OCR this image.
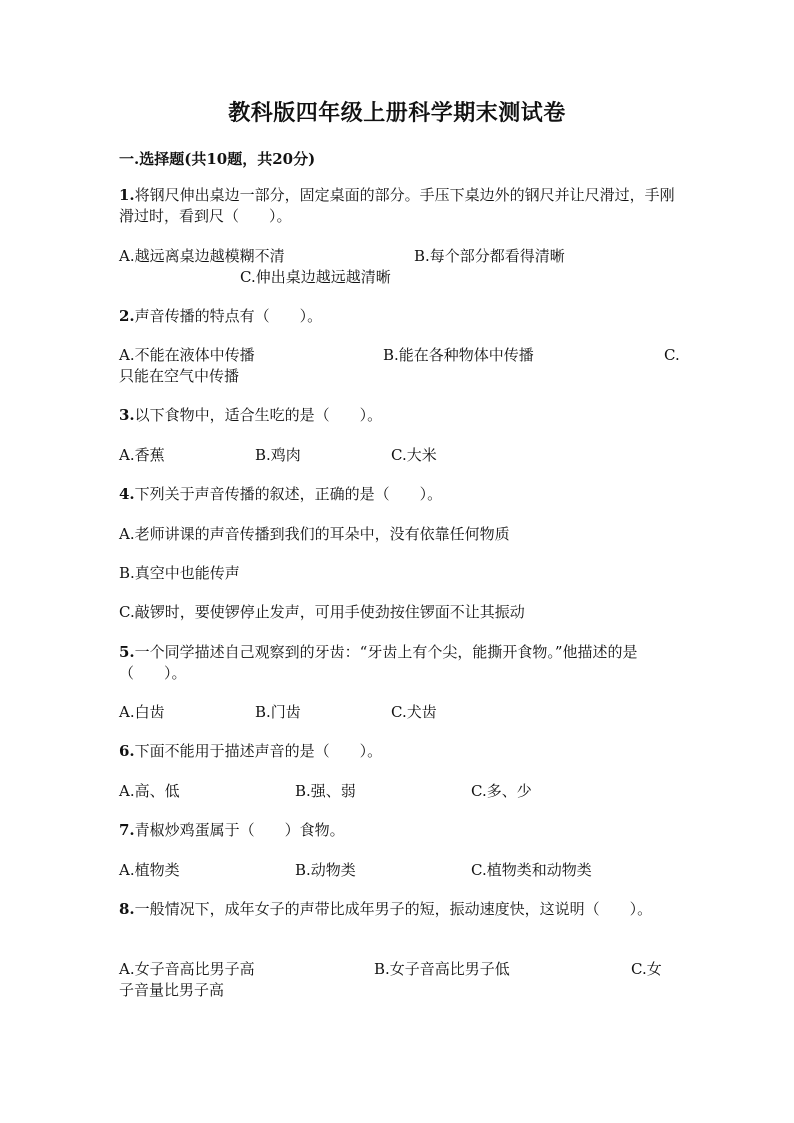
教科版四年级上册科学期末测试卷
一.选择题(共10题，共20分)
1.将钢尺伸出桌边一部分，固定桌面的部分。手压下桌边外的钢尺并让尺滑过，手刚滑过时，看到尺（　　）。
A.越远离桌边越模糊不清	B.每个部分都看得清晰
C.伸出桌边越远越清晰
2.声音传播的特点有（　　）。
A.不能在液体中传播	B.能在各种物体中传播	C.
只能在空气中传播
3.以下食物中，适合生吃的是（　　）。
A.香蕉	B.鸡肉	C.大米
4.下列关于声音传播的叙述，正确的是（　　）。
A.老师讲课的声音传播到我们的耳朵中，没有依靠任何物质
B.真空中也能传声
C.敲锣时，要使锣停止发声，可用手使劲按住锣面不让其振动
5.一个同学描述自己观察到的牙齿：“牙齿上有个尖，能撕开食物。”他描述的是（　　）。
A.白齿	B.门齿	C.犬齿
6.下面不能用于描述声音的是（　　）。
A.高、低	B.强、弱	C.多、少
7.青椒炒鸡蛋属于（　　）食物。
A.植物类	B.动物类	C.植物类和动物类
8.一般情况下，成年女子的声带比成年男子的短，振动速度快，这说明（　　）。
A.女子音高比男子高	B.女子音高比男子低	C.女
子音量比男子高
